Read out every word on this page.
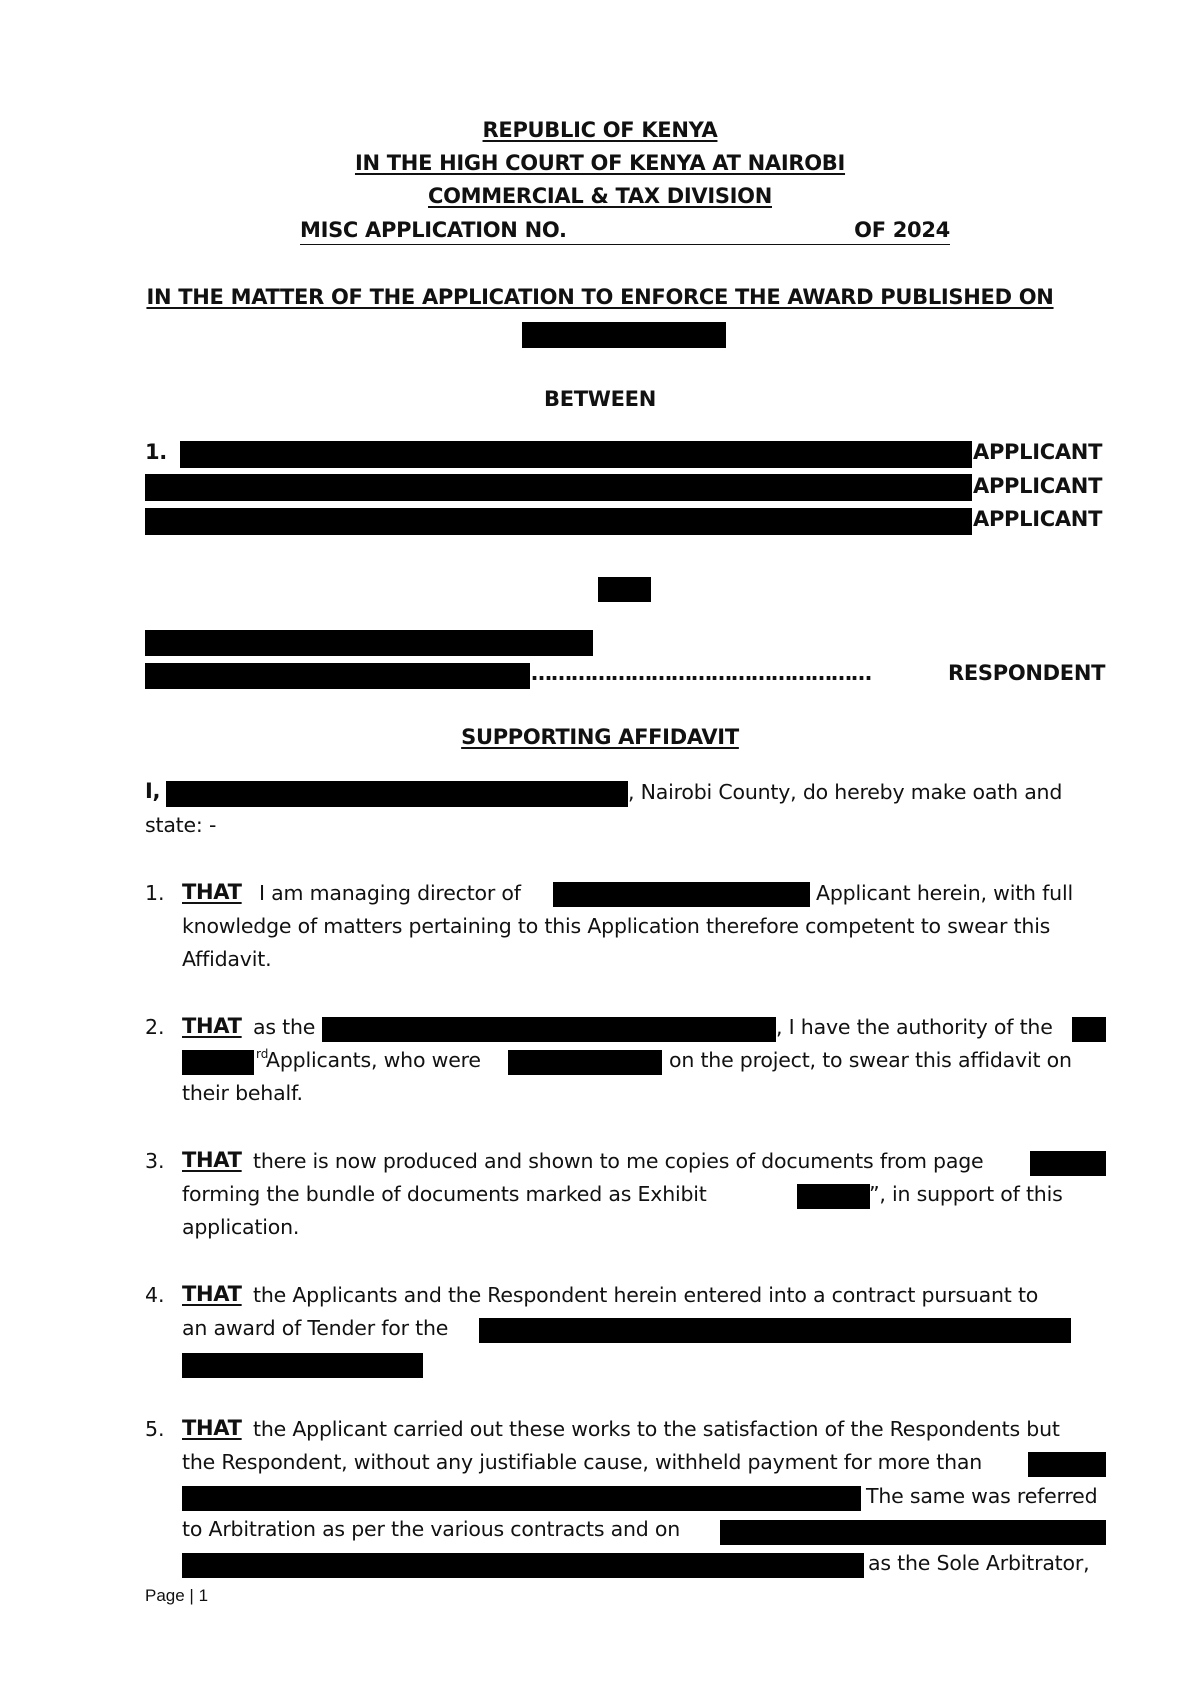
REPUBLIC OF KENYA
IN THE HIGH COURT OF KENYA AT NAIROBI
COMMERCIAL & TAX DIVISION
MISC APPLICATION NO.	OF 2024
IN THE MATTER OF THE APPLICATION TO ENFORCE THE AWARD PUBLISHED ON
BETWEEN
1.	APPLICANT
APPLICANT
APPLICANT
……………………………………………	RESPONDENT
SUPPORTING AFFIDAVIT
I,	, Nairobi County, do hereby make oath and
state: -
1. THAT I am managing director of	Applicant herein, with full
knowledge of matters pertaining to this Application therefore competent to swear this
Affidavit.
2. THAT as the	, I have the authority of the
rd
Applicants, who were	on the project, to swear this affidavit on
their behalf.
3. THAT there is now produced and shown to me copies of documents from page
forming the bundle of documents marked as Exhibit	”, in support of this
application.
4. THAT the Applicants and the Respondent herein entered into a contract pursuant to
an award of Tender for the
5. THAT the Applicant carried out these works to the satisfaction of the Respondents but
the Respondent, without any justifiable cause, withheld payment for more than
The same was referred
to Arbitration as per the various contracts and on
as the Sole Arbitrator,
Page | 1
